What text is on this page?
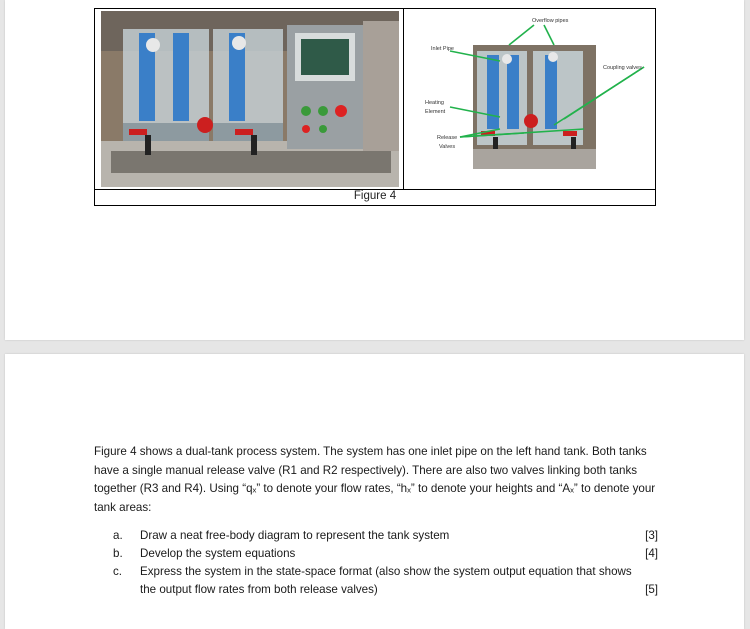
Overflow pipes
Inlet Pipe
Coupling valves
Heating
Element
Release
Valves
Figure 4
Figure 4 shows a dual-tank process system. The system has one inlet pipe on the left hand tank. Both tanks have a single manual release valve (R1 and R2 respectively). There are also two valves linking both tanks together (R3 and R4). Using “qₓ” to denote your flow rates, “hₓ” to denote your heights and “Aₓ” to denote your tank areas:
a. Draw a neat free-body diagram to represent the tank system	[3]
b. Develop the system equations	[4]
c. Express the system in the state-space format (also show the system output equation that shows the output flow rates from both release valves)	[5]
